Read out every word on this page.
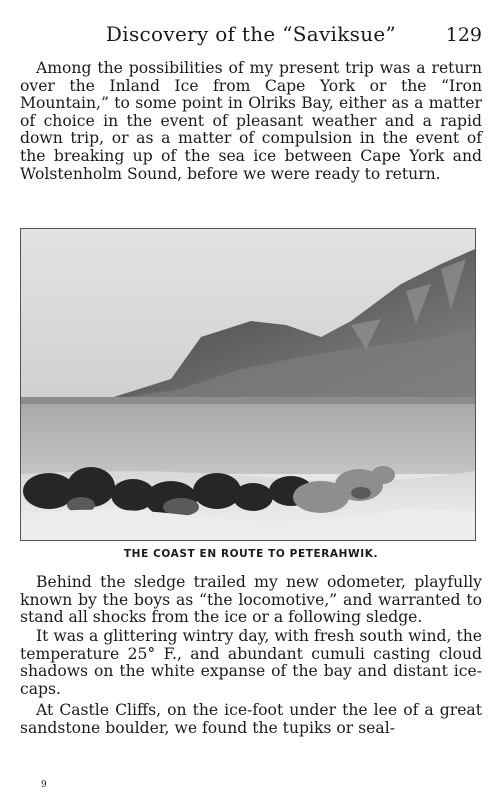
Discovery of the “Saviksue”	129

Among the possibilities of my present trip was a return over the Inland Ice from Cape York or the “Iron Mountain,” to some point in Olriks Bay, either as a matter of choice in the event of pleasant weather and a rapid down trip, or as a matter of compulsion in the event of the breaking up of the sea ice between Cape York and Wolstenholm Sound, before we were ready to return.

THE COAST EN ROUTE TO PETERAHWIK.

Behind the sledge trailed my new odometer, playfully known by the boys as “the locomotive,” and warranted to stand all shocks from the ice or a following sledge.

It was a glittering wintry day, with fresh south wind, the temperature 25° F., and abundant cumuli casting cloud shadows on the white expanse of the bay and distant ice-caps.

At Castle Cliffs, on the ice-foot under the lee of a great sandstone boulder, we found the tupiks or seal-

9
